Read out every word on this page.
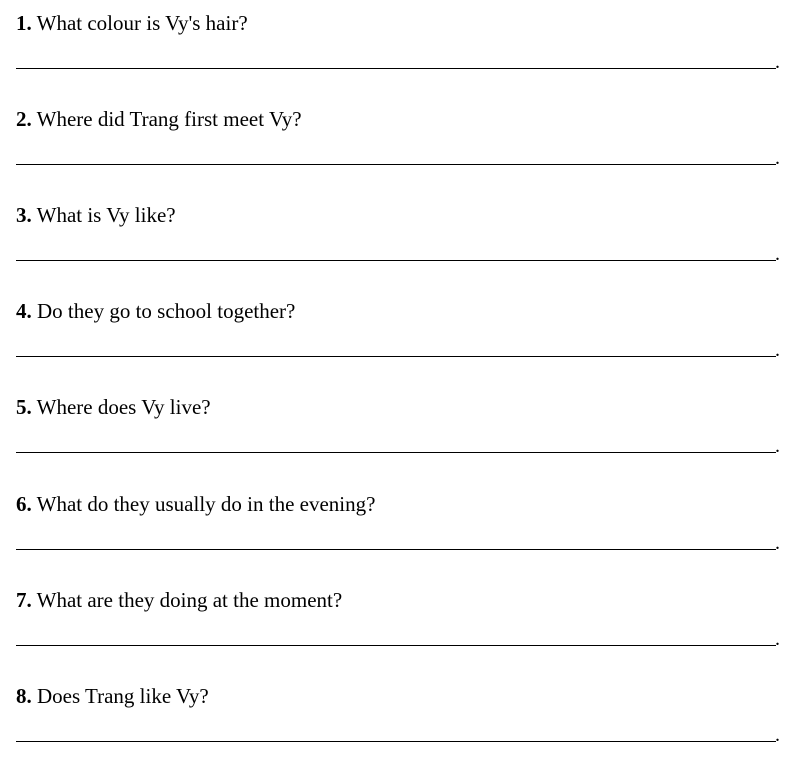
1. What colour is Vy's hair?
.
2. Where did Trang first meet Vy?
.
3. What is Vy like?
.
4. Do they go to school together?
.
5. Where does Vy live?
.
6. What do they usually do in the evening?
.
7. What are they doing at the moment?
.
8. Does Trang like Vy?
.
